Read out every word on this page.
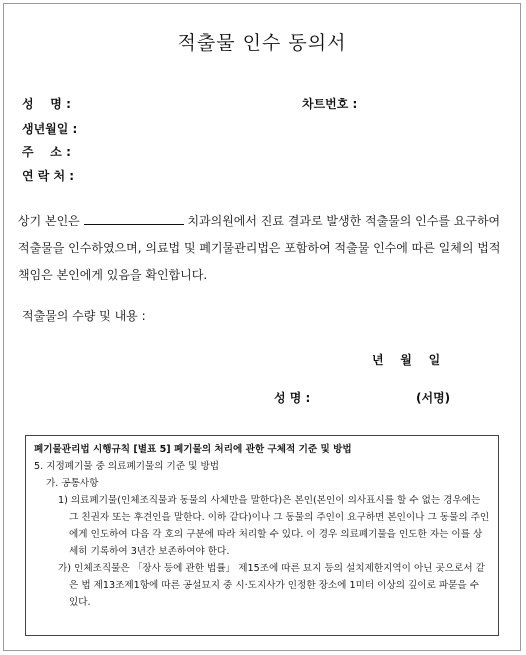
적출물 인수 동의서
성    명 :	차트번호 :
생년월일 :
주    소 :
연 락 처 :
상기 본인은	치과의원에서 진료 결과로 발생한 적출물의 인수를 요구하여 적출물을 인수하였으며, 의료법 및 폐기물관리법은 포함하여 적출물 인수에 따른 일체의 법적 책임은 본인에게 있음을 확인합니다.
적출물의 수량 및 내용 :
년    월    일
성 명 :	(서명)
폐기물관리법 시행규칙 [별표 5] 폐기물의 처리에 관한 구체적 기준 및 방법
5. 지정폐기물 중 의료폐기물의 기준 및 방법
가. 공통사항
1) 의료폐기물(인체조직물과 동물의 사체만을 말한다)은 본인(본인이 의사표시를 할 수 없는 경우에는 그 친권자 또는 후견인을 말한다. 이하 같다)이나 그 동물의 주인이 요구하면 본인이나 그 동물의 주인에게 인도하여 다음 각 호의 구분에 따라 처리할 수 있다. 이 경우 의료폐기물을 인도한 자는 이를 상세히 기록하여 3년간 보존하여야 한다.
가) 인체조직물은 「장사 등에 관한 법률」 제15조에 따른 묘지 등의 설치제한지역이 아닌 곳으로서 같은 법 제13조제1항에 따른 공설묘지 중 시·도지사가 인정한 장소에 1미터 이상의 깊이로 파묻을 수 있다.
